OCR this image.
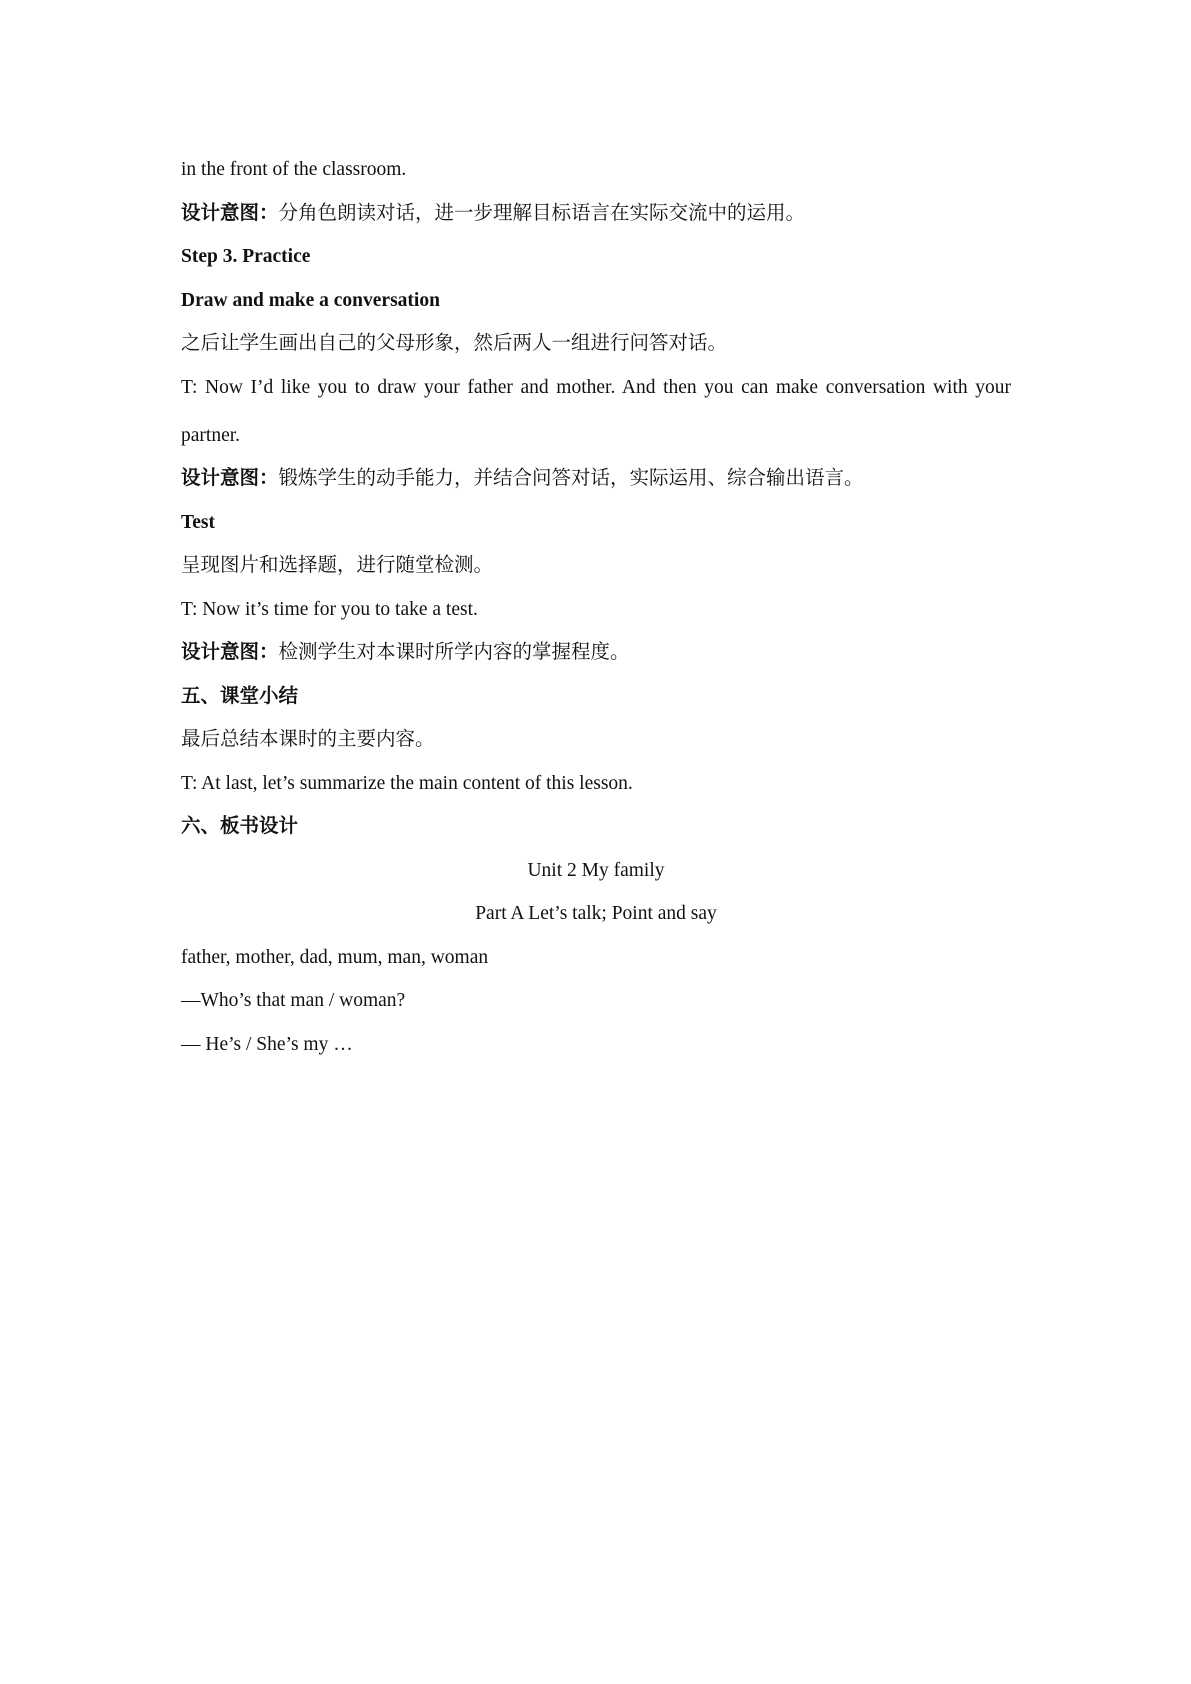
in the front of the classroom.
设计意图：分角色朗读对话，进一步理解目标语言在实际交流中的运用。
Step 3. Practice
Draw and make a conversation
之后让学生画出自己的父母形象，然后两人一组进行问答对话。
T: Now I’d like you to draw your father and mother. And then you can make conversation with your partner.
设计意图：锻炼学生的动手能力，并结合问答对话，实际运用、综合输出语言。
Test
呈现图片和选择题，进行随堂检测。
T: Now it’s time for you to take a test.
设计意图：检测学生对本课时所学内容的掌握程度。
五、课堂小结
最后总结本课时的主要内容。
T: At last, let’s summarize the main content of this lesson.
六、板书设计
Unit 2 My family
Part A Let’s talk; Point and say
father, mother, dad, mum, man, woman
—Who’s that man / woman?
— He’s / She’s my …
